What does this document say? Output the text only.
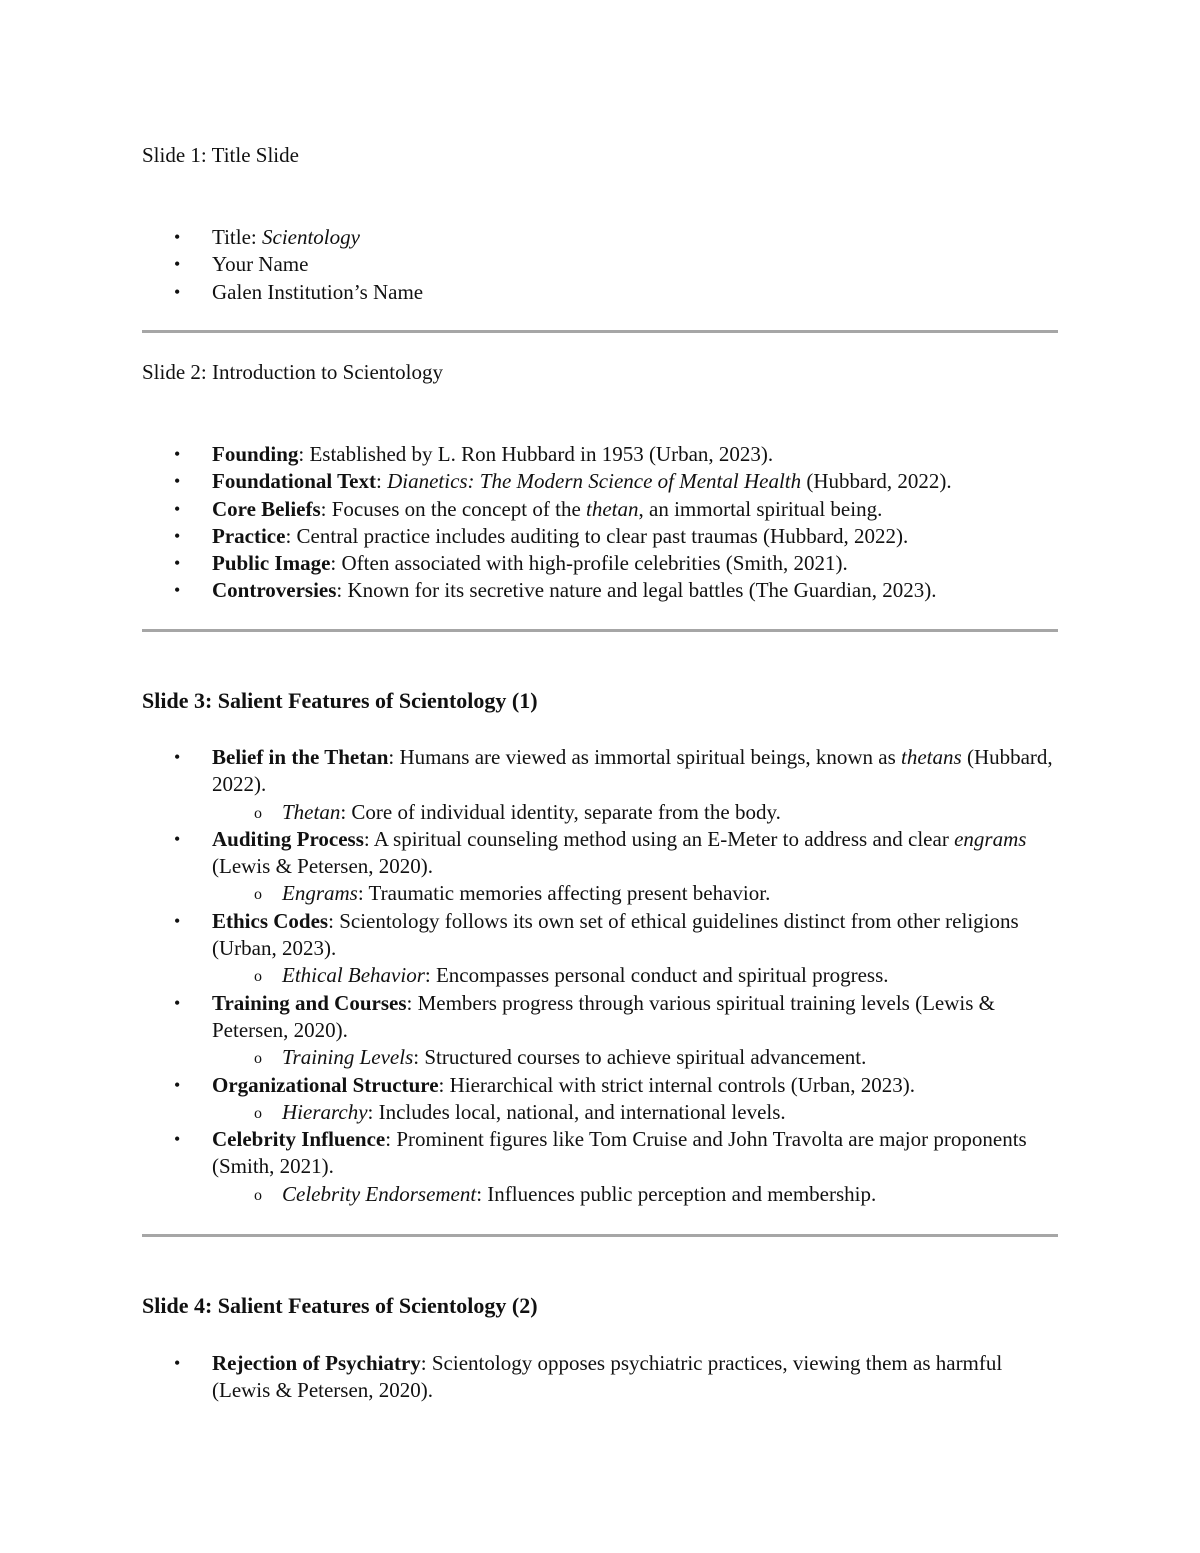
Slide 1: Title Slide
• Title: Scientology
• Your Name
• Galen Institution’s Name
Slide 2: Introduction to Scientology
• Founding: Established by L. Ron Hubbard in 1953 (Urban, 2023).
• Foundational Text: Dianetics: The Modern Science of Mental Health (Hubbard, 2022).
• Core Beliefs: Focuses on the concept of the thetan, an immortal spiritual being.
• Practice: Central practice includes auditing to clear past traumas (Hubbard, 2022).
• Public Image: Often associated with high-profile celebrities (Smith, 2021).
• Controversies: Known for its secretive nature and legal battles (The Guardian, 2023).
Slide 3: Salient Features of Scientology (1)
• Belief in the Thetan: Humans are viewed as immortal spiritual beings, known as thetans (Hubbard, 2022).
o Thetan: Core of individual identity, separate from the body.
• Auditing Process: A spiritual counseling method using an E-Meter to address and clear engrams (Lewis & Petersen, 2020).
o Engrams: Traumatic memories affecting present behavior.
• Ethics Codes: Scientology follows its own set of ethical guidelines distinct from other religions (Urban, 2023).
o Ethical Behavior: Encompasses personal conduct and spiritual progress.
• Training and Courses: Members progress through various spiritual training levels (Lewis & Petersen, 2020).
o Training Levels: Structured courses to achieve spiritual advancement.
• Organizational Structure: Hierarchical with strict internal controls (Urban, 2023).
o Hierarchy: Includes local, national, and international levels.
• Celebrity Influence: Prominent figures like Tom Cruise and John Travolta are major proponents (Smith, 2021).
o Celebrity Endorsement: Influences public perception and membership.
Slide 4: Salient Features of Scientology (2)
• Rejection of Psychiatry: Scientology opposes psychiatric practices, viewing them as harmful (Lewis & Petersen, 2020).
